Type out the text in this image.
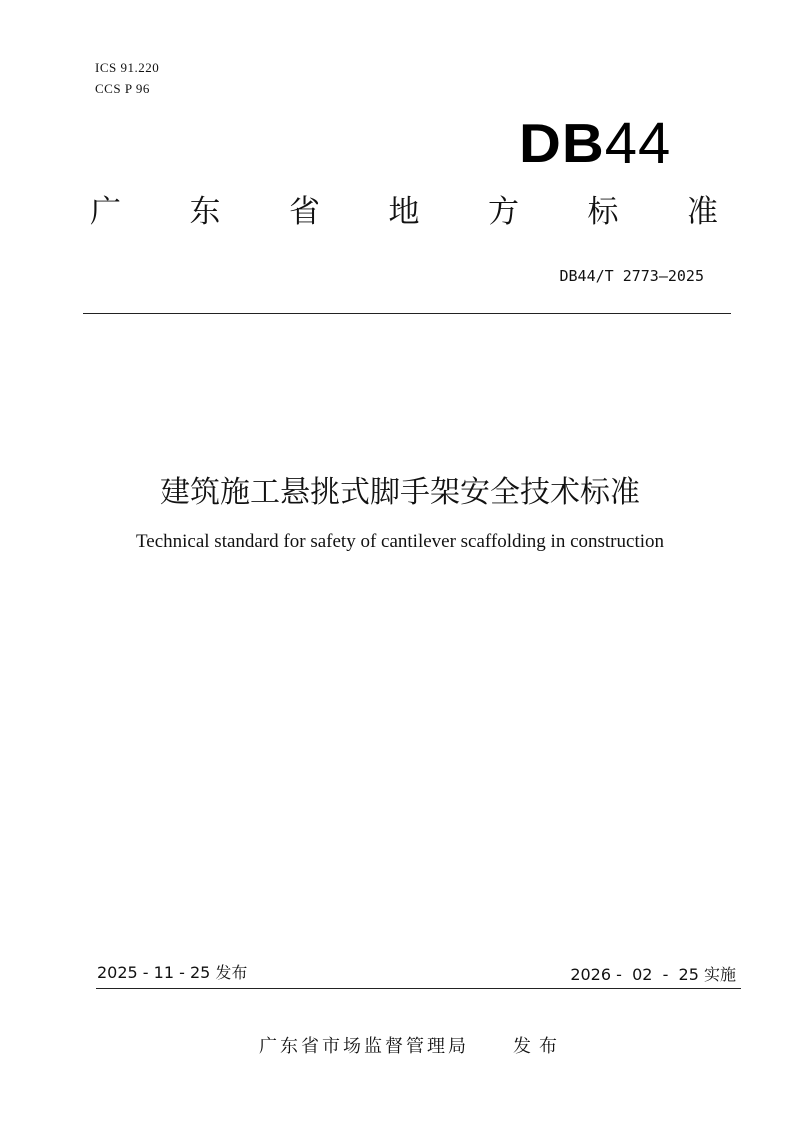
ICS 91.220
CCS P 96
DB44
广 东 省 地 方 标 准
DB44/T 2773—2025
建筑施工悬挑式脚手架安全技术标准
Technical standard for safety of cantilever scaffolding in construction
2025 - 11 - 25 发布	2026 -  02  -  25 实施
广东省市场监督管理局 发布
